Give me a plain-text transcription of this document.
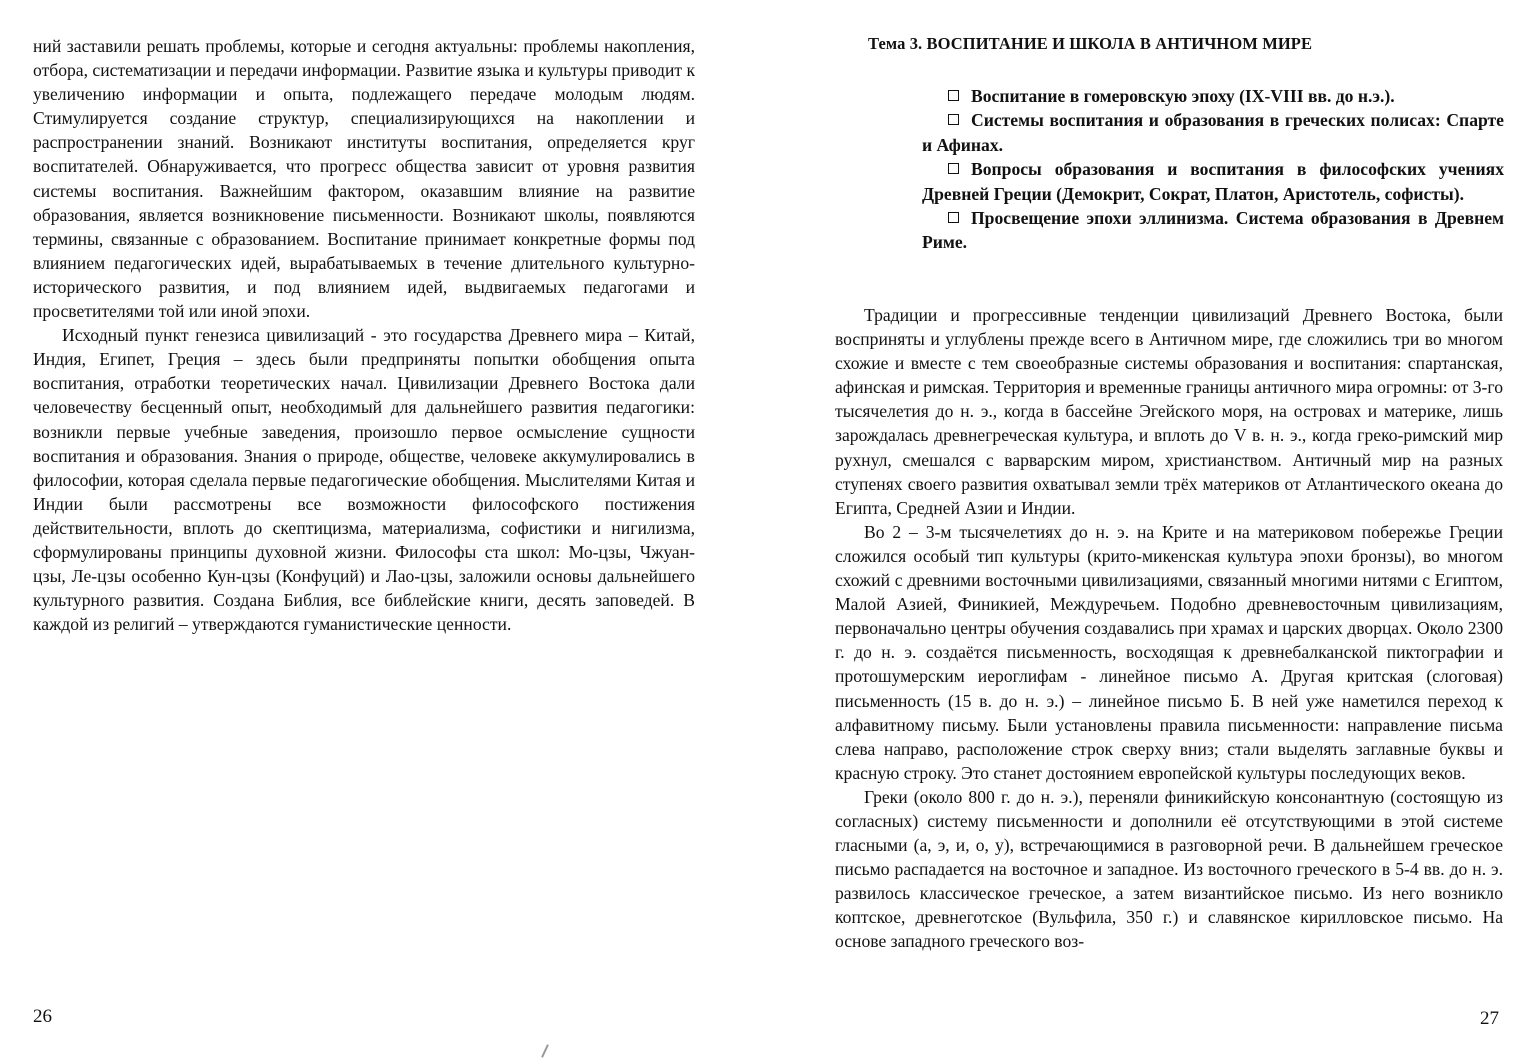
ний заставили решать проблемы, которые и сегодня актуальны: проблемы накопления, отбора, систематизации и передачи информации. Развитие языка и культуры приводит к увеличению информации и опыта, подлежащего передаче молодым людям. Стимулируется создание структур, специализирующихся на накоплении и распространении знаний. Возникают институты воспитания, определяется круг воспитателей. Обнаруживается, что прогресс общества зависит от уровня развития системы воспитания. Важнейшим фактором, оказавшим влияние на развитие образования, является возникновение письменности. Возникают школы, появляются термины, связанные с образованием. Воспитание принимает конкретные формы под влиянием педагогических идей, вырабатываемых в течение длительного культурно-исторического развития, и под влиянием идей, выдвигаемых педагогами и просветителями той или иной эпохи.

Исходный пункт генезиса цивилизаций - это государства Древнего мира – Китай, Индия, Египет, Греция – здесь были предприняты попытки обобщения опыта воспитания, отработки теоретических начал. Цивилизации Древнего Востока дали человечеству бесценный опыт, необходимый для дальнейшего развития педагогики: возникли первые учебные заведения, произошло первое осмысление сущности воспитания и образования. Знания о природе, обществе, человеке аккумулировались в философии, которая сделала первые педагогические обобщения. Мыслителями Китая и Индии были рассмотрены все возможности философского постижения действительности, вплоть до скептицизма, материализма, софистики и нигилизма, сформулированы принципы духовной жизни. Философы ста школ: Мо-цзы, Чжуан-цзы, Ле-цзы особенно Кун-цзы (Конфуций) и Лао-цзы, заложили основы дальнейшего культурного развития. Создана Библия, все библейские книги, десять заповедей. В каждой из религий – утверждаются гуманистические ценности.

26
Тема 3. ВОСПИТАНИЕ И ШКОЛА В АНТИЧНОМ МИРЕ

Воспитание в гомеровскую эпоху (IX-VIII вв. до н.э.).

Системы воспитания и образования в греческих полисах: Спарте и Афинах.

Вопросы образования и воспитания в философских учениях Древней Греции (Демокрит, Сократ, Платон, Аристотель, софисты).

Просвещение эпохи эллинизма. Система образования в Древнем Риме.

Традиции и прогрессивные тенденции цивилизаций Древнего Востока, были восприняты и углублены прежде всего в Античном мире, где сложились три во многом схожие и вместе с тем своеобразные системы образования и воспитания: спартанская, афинская и римская. Территория и временные границы античного мира огромны: от 3-го тысячелетия до н. э., когда в бассейне Эгейского моря, на островах и материке, лишь зарождалась древнегреческая культура, и вплоть до V в. н. э., когда греко-римский мир рухнул, смешался с варварским миром, христианством. Античный мир на разных ступенях своего развития охватывал земли трёх материков от Атлантического океана до Египта, Средней Азии и Индии.

Во 2 – 3-м тысячелетиях до н. э. на Крите и на материковом побережье Греции сложился особый тип культуры (крито-микенская культура эпохи бронзы), во многом схожий с древними восточными цивилизациями, связанный многими нитями с Египтом, Малой Азией, Финикией, Междуречьем. Подобно древневосточным цивилизациям, первоначально центры обучения создавались при храмах и царских дворцах. Около 2300 г. до н. э. создаётся письменность, восходящая к древнебалканской пиктографии и протошумерским иероглифам - линейное письмо А. Другая критская (слоговая) письменность (15 в. до н. э.) – линейное письмо Б. В ней уже наметился переход к алфавитному письму. Были установлены правила письменности: направление письма слева направо, расположение строк сверху вниз; стали выделять заглавные буквы и красную строку. Это станет достоянием европейской культуры последующих веков.

Греки (около 800 г. до н. э.), переняли финикийскую консонантную (состоящую из согласных) систему письменности и дополнили её отсутствующими в этой системе гласными (а, э, и, о, у), встречающимися в разговорной речи. В дальнейшем греческое письмо распадается на восточное и западное. Из восточного греческого в 5-4 вв. до н. э. развилось классическое греческое, а затем византийское письмо. Из него возникло коптское, древнеготское (Вульфила, 350 г.) и славянское кирилловское письмо. На основе западного греческого воз-

27
